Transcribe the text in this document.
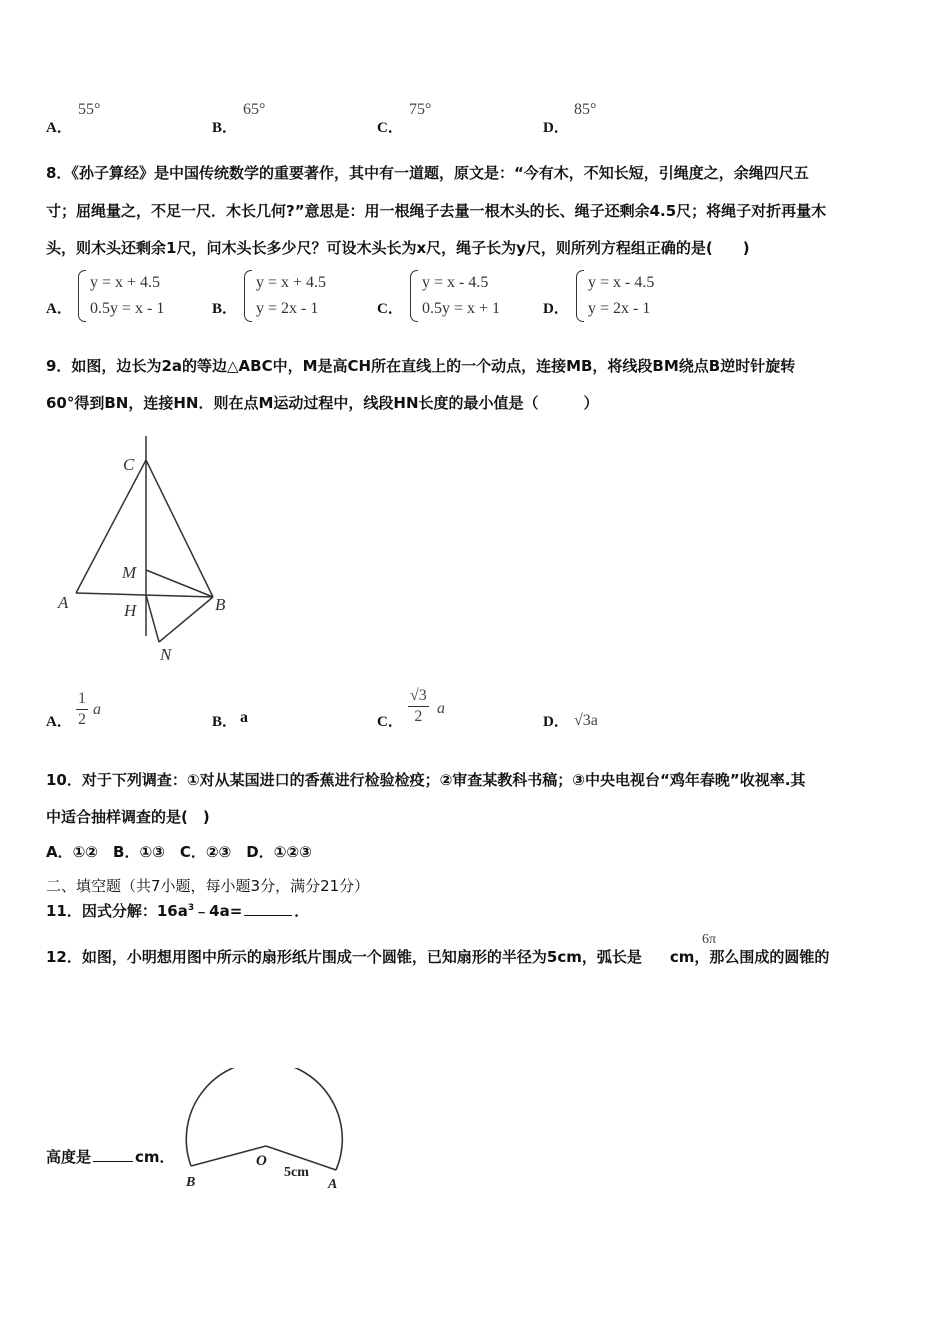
A．
55°
B．
65°
C．
75°
D．
85°
8．《孙子算经》是中国传统数学的重要著作，其中有一道题，原文是：“今有木，不知长短，引绳度之，余绳四尺五
寸；屈绳量之，不足一尺．木长几何?”意思是：用一根绳子去量一根木头的长、绳子还剩余4.5尺；将绳子对折再量木
头，则木头还剩余1尺，问木头长多少尺？可设木头长为x尺，绳子长为y尺，则所列方程组正确的是(　　)
A．
y = x + 4.5
0.5y = x - 1	B．
y = x + 4.5
y = 2x - 1	C．
y = x - 4.5
0.5y = x + 1	D．
y = x - 4.5
y = 2x - 1
9．如图，边长为2a的等边△ABC中，M是高CH所在直线上的一个动点，连接MB，将线段BM绕点B逆时针旋转
60°得到BN，连接HN．则在点M运动过程中，线段HN长度的最小值是（　　　）
C
M
A	H	B
N
A． $\frac{1}{2}$ a
B． a	C． $\frac{√3}{2}$ a
D． √3a
10．对于下列调查：①对从某国进口的香蕉进行检验检疫；②审查某教科书稿；③中央电视台“鸡年春晚”收视率.其
中适合抽样调查的是(　)
A．①②　B．①③　C．②③　D．①②③
二、填空题（共7小题，每小题3分，满分21分）
11．因式分解：$16a^3﹣4a=$	．
12．如图，小明想用图中所示的扇形纸片围成一个圆锥，已知扇形的半径为5cm，弧长是 cm，那么围成的圆锥的
6π
高度是	cm．	O
B	A
5cm
